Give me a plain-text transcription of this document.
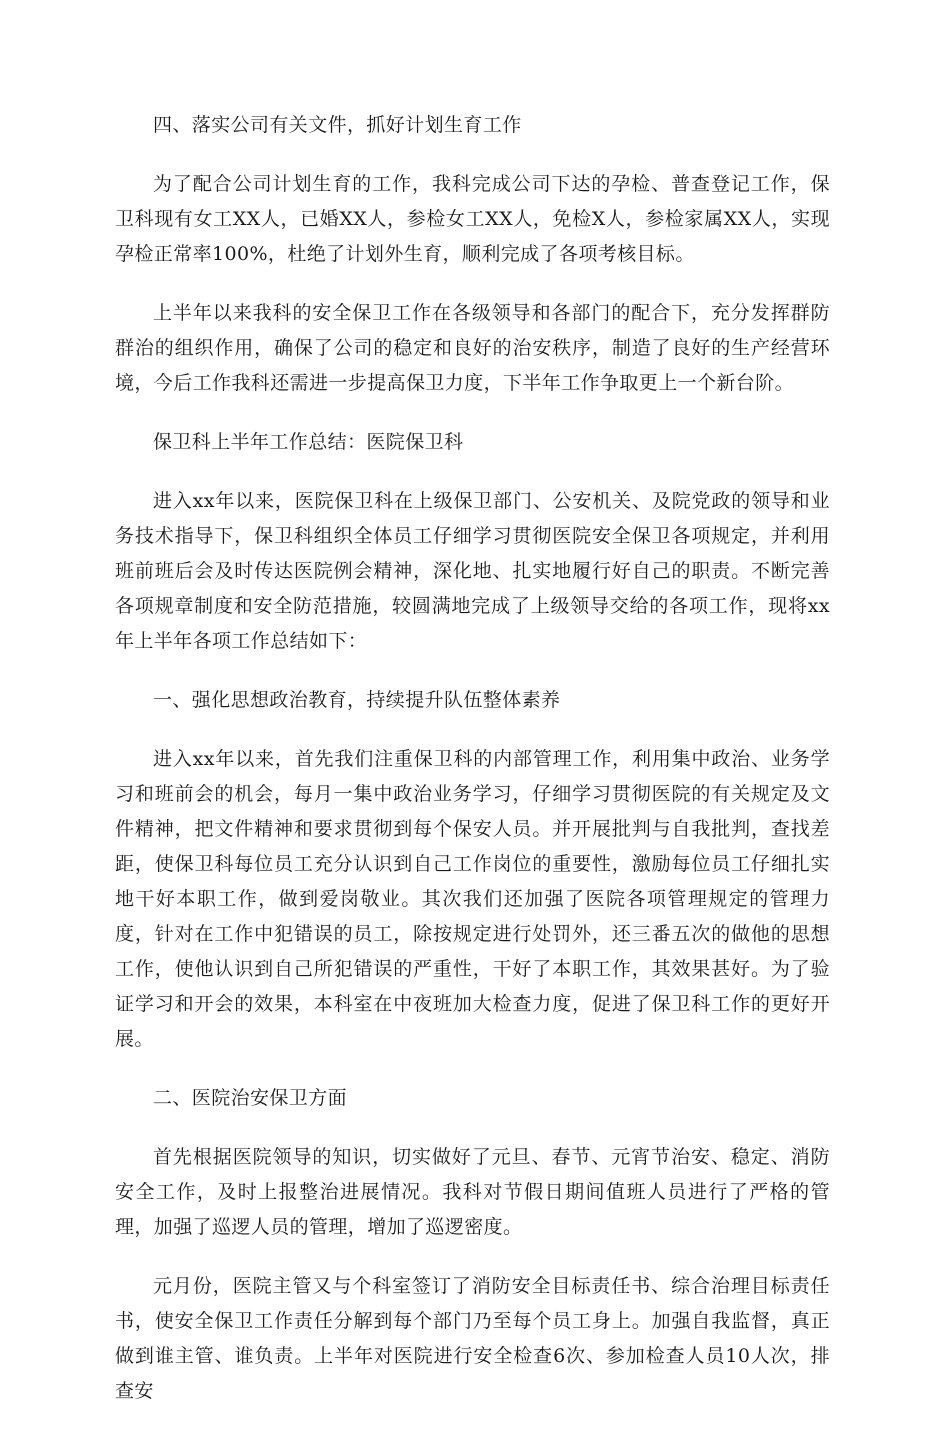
四、落实公司有关文件，抓好计划生育工作

为了配合公司计划生育的工作，我科完成公司下达的孕检、普查登记工作，保卫科现有女工XX人，已婚XX人，参检女工XX人，免检X人，参检家属XX人，实现孕检正常率100%，杜绝了计划外生育，顺利完成了各项考核目标。

上半年以来我科的安全保卫工作在各级领导和各部门的配合下，充分发挥群防群治的组织作用，确保了公司的稳定和良好的治安秩序，制造了良好的生产经营环境，今后工作我科还需进一步提高保卫力度，下半年工作争取更上一个新台阶。

保卫科上半年工作总结：医院保卫科

进入xx年以来，医院保卫科在上级保卫部门、公安机关、及院党政的领导和业务技术指导下，保卫科组织全体员工仔细学习贯彻医院安全保卫各项规定，并利用班前班后会及时传达医院例会精神，深化地、扎实地履行好自己的职责。不断完善各项规章制度和安全防范措施，较圆满地完成了上级领导交给的各项工作，现将xx年上半年各项工作总结如下：

一、强化思想政治教育，持续提升队伍整体素养

进入xx年以来，首先我们注重保卫科的内部管理工作，利用集中政治、业务学习和班前会的机会，每月一集中政治业务学习，仔细学习贯彻医院的有关规定及文件精神，把文件精神和要求贯彻到每个保安人员。并开展批判与自我批判，查找差距，使保卫科每位员工充分认识到自己工作岗位的重要性，激励每位员工仔细扎实地干好本职工作，做到爱岗敬业。其次我们还加强了医院各项管理规定的管理力度，针对在工作中犯错误的员工，除按规定进行处罚外，还三番五次的做他的思想工作，使他认识到自己所犯错误的严重性，干好了本职工作，其效果甚好。为了验证学习和开会的效果，本科室在中夜班加大检查力度，促进了保卫科工作的更好开展。

二、医院治安保卫方面

首先根据医院领导的知识，切实做好了元旦、春节、元宵节治安、稳定、消防安全工作，及时上报整治进展情况。我科对节假日期间值班人员进行了严格的管理，加强了巡逻人员的管理，增加了巡逻密度。

元月份，医院主管又与个科室签订了消防安全目标责任书、综合治理目标责任书，使安全保卫工作责任分解到每个部门乃至每个员工身上。加强自我监督，真正做到谁主管、谁负责。上半年对医院进行安全检查6次、参加检查人员10人次，排查安
